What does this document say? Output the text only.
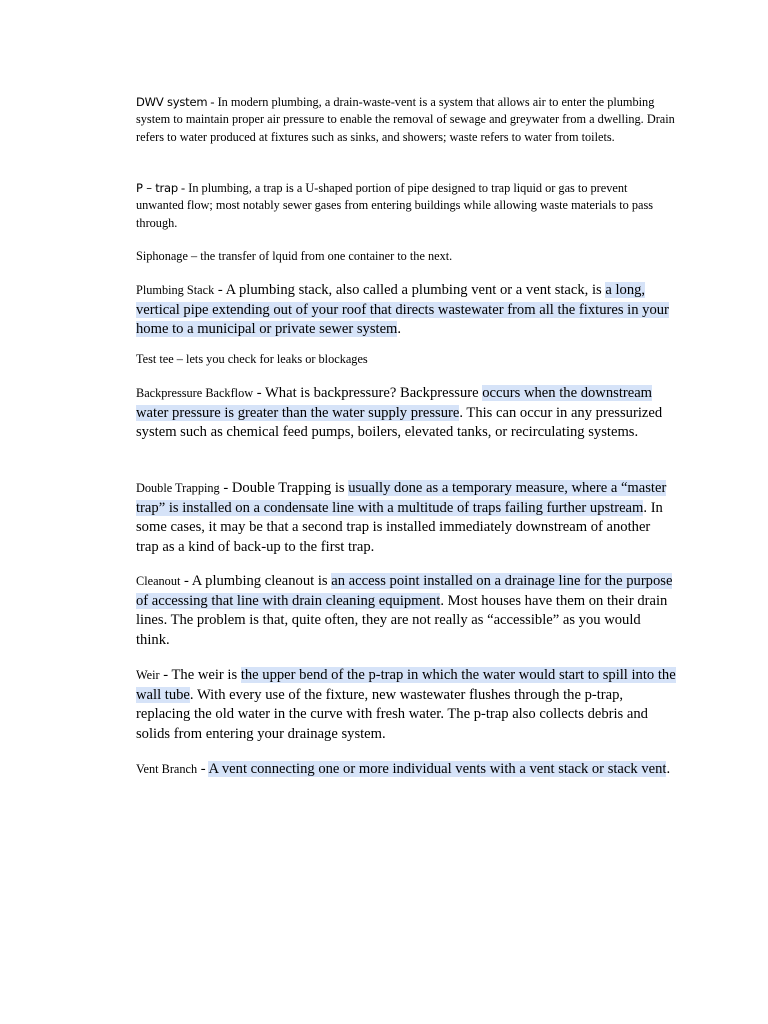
DWV system - In modern plumbing, a drain-waste-vent is a system that allows air to enter the plumbing system to maintain proper air pressure to enable the removal of sewage and greywater from a dwelling. Drain refers to water produced at fixtures such as sinks, and showers; waste refers to water from toilets.

P – trap - In plumbing, a trap is a U-shaped portion of pipe designed to trap liquid or gas to prevent unwanted flow; most notably sewer gases from entering buildings while allowing waste materials to pass through.

Siphonage – the transfer of lquid from one container to the next.

Plumbing Stack - A plumbing stack, also called a plumbing vent or a vent stack, is a long, vertical pipe extending out of your roof that directs wastewater from all the fixtures in your home to a municipal or private sewer system.

Test tee – lets you check for leaks or blockages

Backpressure Backflow - What is backpressure? Backpressure occurs when the downstream water pressure is greater than the water supply pressure. This can occur in any pressurized system such as chemical feed pumps, boilers, elevated tanks, or recirculating systems.

Double Trapping - Double Trapping is usually done as a temporary measure, where a “master trap” is installed on a condensate line with a multitude of traps failing further upstream. In some cases, it may be that a second trap is installed immediately downstream of another trap as a kind of back-up to the first trap.

Cleanout - A plumbing cleanout is an access point installed on a drainage line for the purpose of accessing that line with drain cleaning equipment. Most houses have them on their drain lines. The problem is that, quite often, they are not really as “accessible” as you would think.

Weir - The weir is the upper bend of the p-trap in which the water would start to spill into the wall tube. With every use of the fixture, new wastewater flushes through the p-trap, replacing the old water in the curve with fresh water. The p-trap also collects debris and solids from entering your drainage system.

Vent Branch - A vent connecting one or more individual vents with a vent stack or stack vent.
